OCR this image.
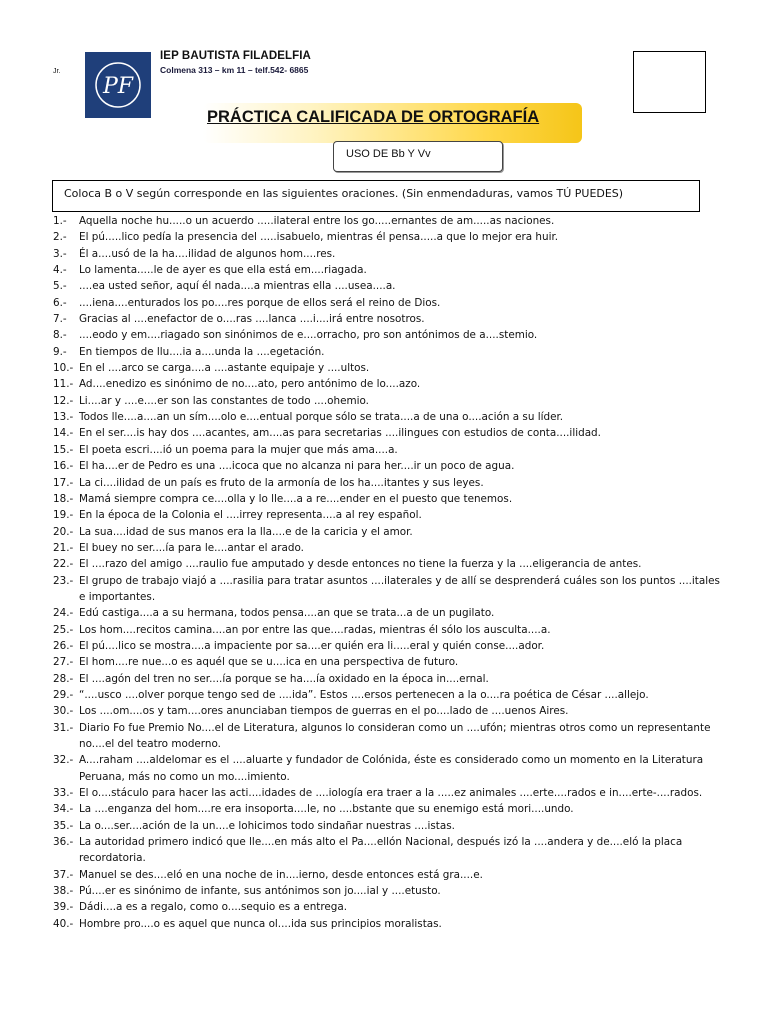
Jr.
PF
IEP BAUTISTA FILADELFIA
Colmena 313 – km 11 – telf.542- 6865
PRÁCTICA CALIFICADA DE ORTOGRAFÍA
USO DE Bb Y Vv
Coloca B o V según corresponde en las siguientes oraciones. (Sin enmendaduras, vamos TÚ PUEDES)
1.-	Aquella noche hu.....o un acuerdo .....ilateral entre los go.....ernantes de am.....as naciones.
2.-	El pú.....lico pedía la presencia del .....isabuelo, mientras él pensa.....a que lo mejor era huir.
3.-	Él a....usó de la ha....ilidad de algunos hom....res.
4.-	Lo lamenta.....le de ayer es que ella está em....riagada.
5.-	....ea usted señor, aquí él nada....a mientras ella ....usea....a.
6.-	....iena....enturados los po....res porque de ellos será el reino de Dios.
7.-	Gracias al ....enefactor de o....ras ....lanca ....i....irá entre nosotros.
8.-	....eodo y em....riagado son sinónimos de e....orracho, pro son antónimos de a....stemio.
9.-	En tiempos de llu....ia a....unda la ....egetación.
10.- En el ....arco se carga....a ....astante equipaje y ....ultos.
11.- Ad....enedizo es sinónimo de no....ato, pero antónimo de lo....azo.
12.- Li....ar y ....e....er son las constantes de todo ....ohemio.
13.- Todos lle....a....an un sím....olo e....entual porque sólo se trata....a de una o....ación a su líder.
14.- En el ser....is hay dos ....acantes, am....as para secretarias ....ilingues con estudios de conta....ilidad.
15.- El poeta escri....ió un poema para la mujer que más ama....a.
16.- El ha....er de Pedro es una ....icoca que no alcanza ni para her....ir un poco de agua.
17.- La ci....ilidad de un país es fruto de la armonía de los ha....itantes y sus leyes.
18.- Mamá siempre compra ce....olla y lo lle....a a re....ender en el puesto que tenemos.
19.- En la época de la Colonia el ....irrey representa....a al rey español.
20.- La sua....idad de sus manos era la lla....e de la caricia y el amor.
21.- El buey no ser....ía para le....antar el arado.
22.- El ....razo del amigo ....raulio fue amputado y desde entonces no tiene la fuerza y la ....eligerancia de antes.
23.- El grupo de trabajo viajó a ....rasilia para tratar asuntos ....ilaterales y de allí se desprenderá cuáles son los puntos ....itales e importantes.
24.- Edú castiga....a a su hermana, todos pensa....an que se trata...a de un pugilato.
25.- Los hom....recitos camina....an por entre las que....radas, mientras él sólo los ausculta....a.
26.- El pú....lico se mostra....a impaciente por sa....er quién era li.....eral y quién conse....ador.
27.- El hom....re nue...o es aquél que se u....ica en una perspectiva de futuro.
28.- El ....agón del tren no ser....ía porque se ha....ía oxidado en la época in....ernal.
29.- “....usco ....olver porque tengo sed de ....ida”. Estos ....ersos pertenecen a la o....ra poética de César ....allejo.
30.- Los ....om....os y tam....ores anunciaban tiempos de guerras en el po....lado de ....uenos Aires.
31.- Diario Fo fue Premio No....el de Literatura, algunos lo consideran como un ....ufón; mientras otros como un representante no....el del teatro moderno.
32.- A....raham ....aldelomar es el ....aluarte y fundador de Colónida, éste es considerado como un momento en la Literatura Peruana, más no como un mo....imiento.
33.- El o....stáculo para hacer las acti....idades de ....iología era traer a la .....ez animales ....erte....rados e in....erte-....rados.
34.- La ....enganza del hom....re era insoporta....le, no ....bstante que su enemigo está mori....undo.
35.- La o....ser....ación de la un....e lohicimos todo sindañar nuestras ....istas.
36.- La autoridad primero indicó que lle....en más alto el Pa....ellón Nacional, después izó la ....andera y de....eló la placa recordatoria.
37.- Manuel se des....eló en una noche de in....ierno, desde entonces está gra....e.
38.- Pú....er es sinónimo de infante, sus antónimos son jo....ial y ....etusto.
39.- Dádi....a es a regalo, como o....sequio es a entrega.
40.- Hombre pro....o es aquel que nunca ol....ida sus principios moralistas.
